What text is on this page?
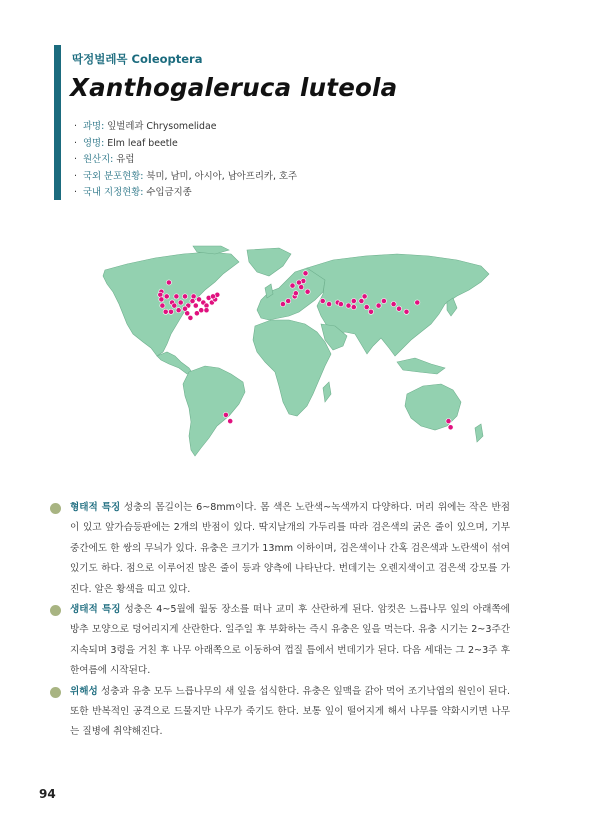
딱정벌레목 Coleoptera
Xanthogaleruca luteola
·  과명: 잎벌레과 Chrysomelidae
·  영명: Elm leaf beetle
·  원산지: 유럽
·  국외 분포현황: 북미, 남미, 아시아, 남아프리카, 호주
·  국내 지정현황: 수입금지종
형태적 특징 성충의 몸길이는 6~8mm이다. 몸 색은 노란색~녹색까지 다양하다. 머리 위에는 작은 반점이 있고 앞가슴등판에는 2개의 반점이 있다. 딱지날개의 가두리를 따라 검은색의 굵은 줄이 있으며, 기부 중간에도 한 쌍의 무늬가 있다. 유충은 크기가 13mm 이하이며, 검은색이나 간혹 검은색과 노란색이 섞여 있기도 하다. 점으로 이루어진 많은 줄이 등과 양측에 나타난다. 번데기는 오렌지색이고 검은색 강모를 가진다. 알은 황색을 띠고 있다.
생태적 특징 성충은 4~5월에 월동 장소를 떠나 교미 후 산란하게 된다. 암컷은 느릅나무 잎의 아래쪽에 방추 모양으로 덩어리지게 산란한다. 일주일 후 부화하는 즉시 유충은 잎을 먹는다. 유충 시기는 2~3주간 지속되며 3령을 거친 후 나무 아래쪽으로 이동하여 껍질 틈에서 번데기가 된다. 다음 세대는 그 2~3주 후 한여름에 시작된다.
위해성 성충과 유충 모두 느릅나무의 새 잎을 섭식한다. 유충은 잎맥을 갉아 먹어 조기낙엽의 원인이 된다. 또한 반복적인 공격으로 드물지만 나무가 죽기도 한다. 보통 잎이 떨어지게 해서 나무를 약화시키면 나무는 질병에 취약해진다.
94
